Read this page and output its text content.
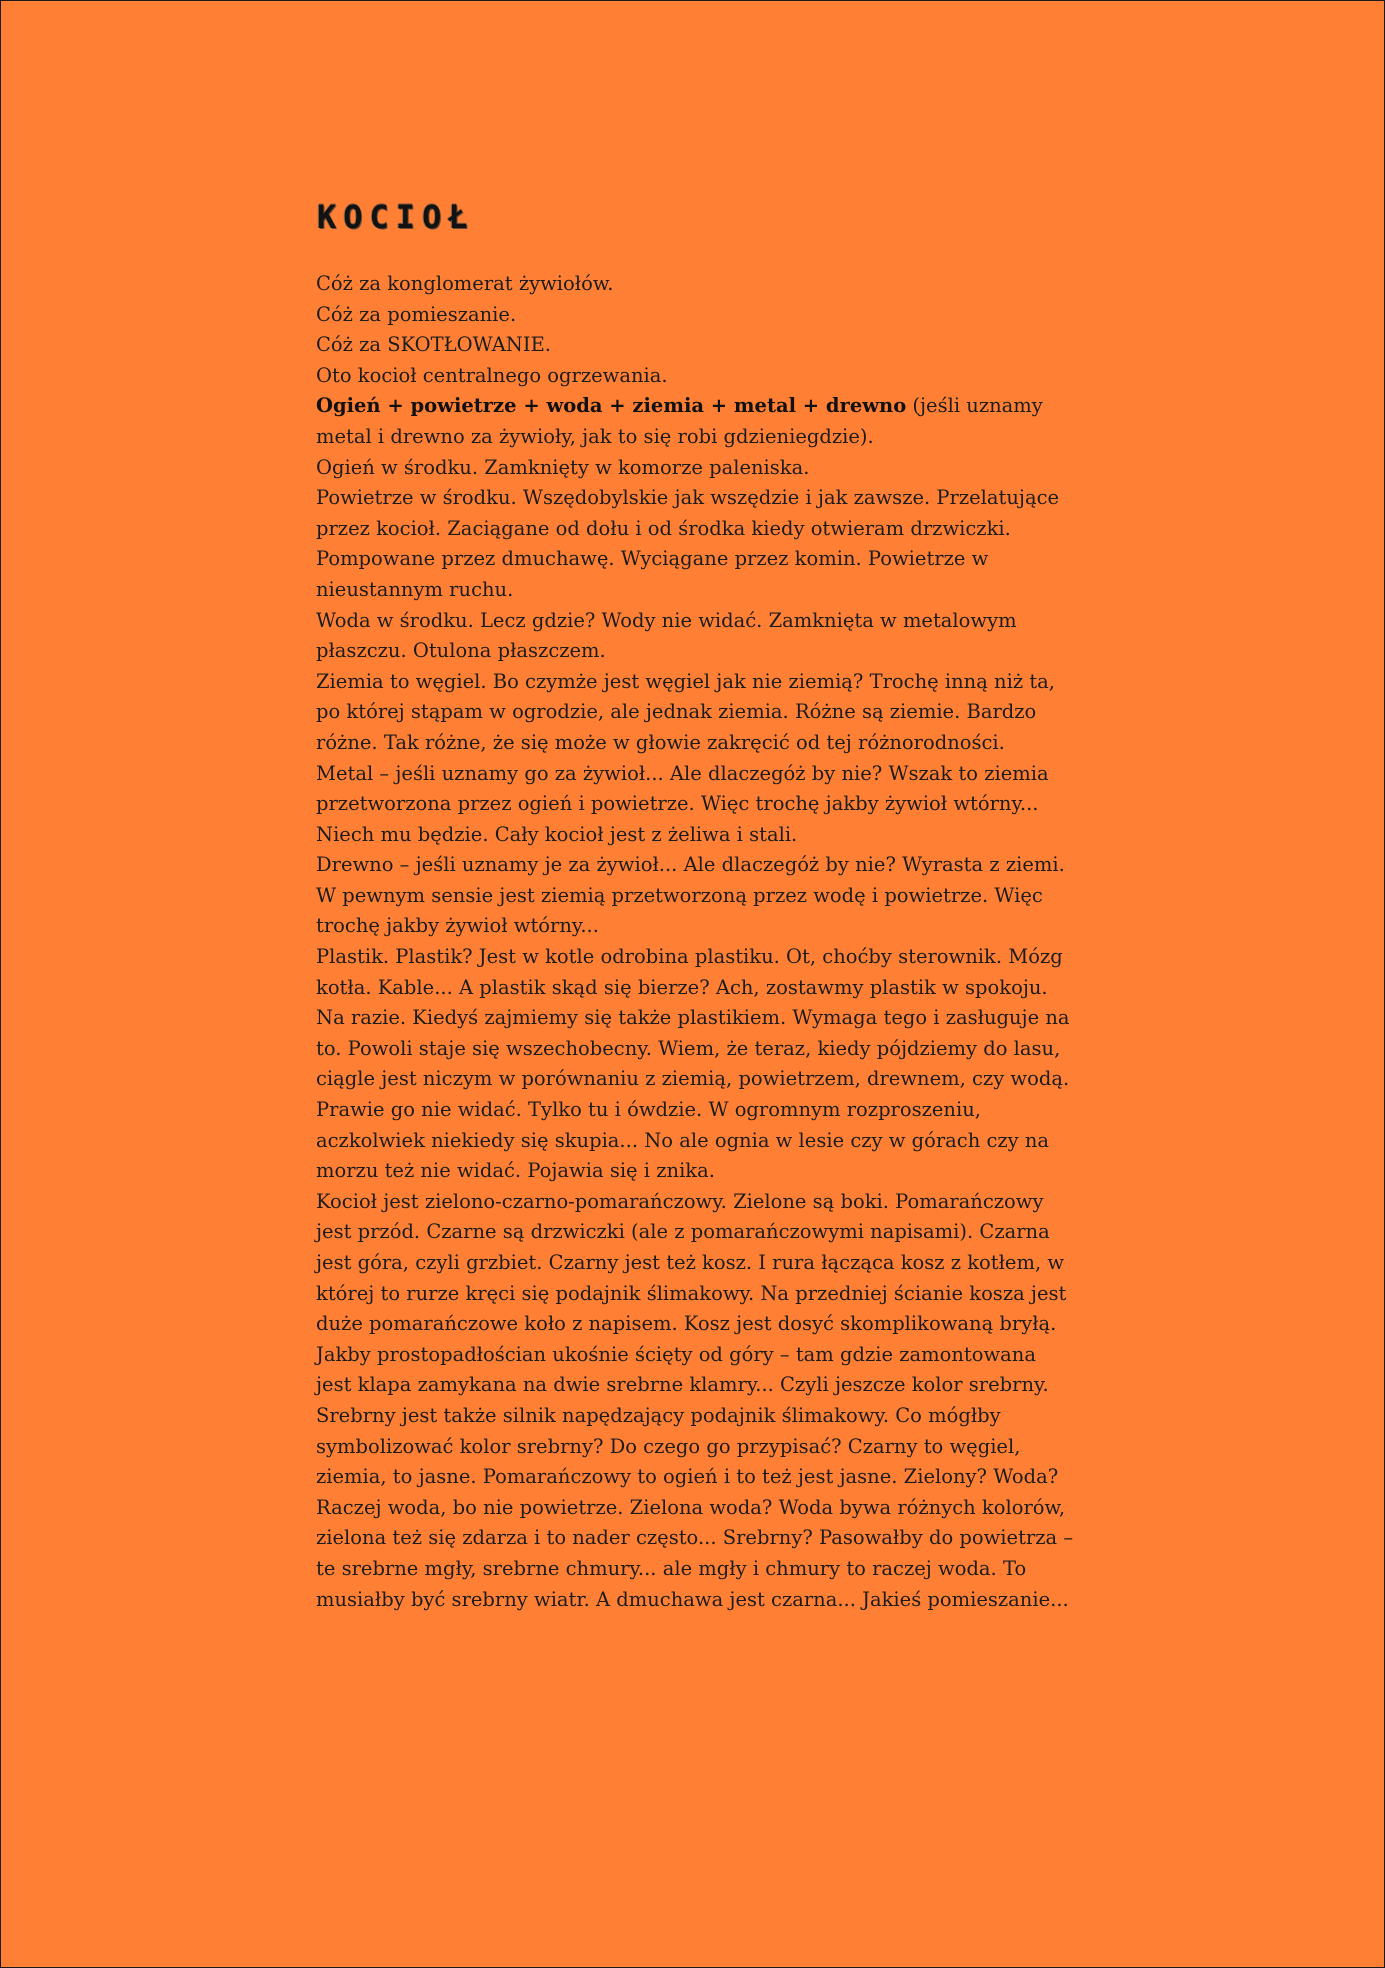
KOCIOŁ

Cóż za konglomerat żywiołów.

Cóż za pomieszanie.

Cóż za SKOTŁOWANIE.

Oto kocioł centralnego ogrzewania.

Ogień + powietrze + woda + ziemia + metal + drewno (jeśli uznamy metal i drewno za żywioły, jak to się robi gdzieniegdzie).

Ogień w środku. Zamknięty w komorze paleniska.

Powietrze w środku. Wszędobylskie jak wszędzie i jak zawsze. Przelatujące przez kocioł. Zaciągane od dołu i od środka kiedy otwieram drzwiczki. Pompowane przez dmuchawę. Wyciągane przez komin. Powietrze w nieustannym ruchu.

Woda w środku. Lecz gdzie? Wody nie widać. Zamknięta w metalowym płaszczu. Otulona płaszczem.

Ziemia to węgiel. Bo czymże jest węgiel jak nie ziemią? Trochę inną niż ta, po której stąpam w ogrodzie, ale jednak ziemia. Różne są ziemie. Bardzo różne. Tak różne, że się może w głowie zakręcić od tej różnorodności.

Metal – jeśli uznamy go za żywioł... Ale dlaczegóż by nie? Wszak to ziemia przetworzona przez ogień i powietrze. Więc trochę jakby żywioł wtórny... Niech mu będzie. Cały kocioł jest z żeliwa i stali.

Drewno – jeśli uznamy je za żywioł... Ale dlaczegóż by nie? Wyrasta z ziemi. W pewnym sensie jest ziemią przetworzoną przez wodę i powietrze. Więc trochę jakby żywioł wtórny...

Plastik. Plastik? Jest w kotle odrobina plastiku. Ot, choćby sterownik. Mózg kotła. Kable... A plastik skąd się bierze? Ach, zostawmy plastik w spokoju. Na razie. Kiedyś zajmiemy się także plastikiem. Wymaga tego i zasługuje na to. Powoli staje się wszechobecny. Wiem, że teraz, kiedy pójdziemy do lasu, ciągle jest niczym w porównaniu z ziemią, powietrzem, drewnem, czy wodą. Prawie go nie widać. Tylko tu i ówdzie. W ogromnym rozproszeniu, aczkolwiek niekiedy się skupia... No ale ognia w lesie czy w górach czy na morzu też nie widać. Pojawia się i znika.

Kocioł jest zielono-czarno-pomarańczowy. Zielone są boki. Pomarańczowy jest przód. Czarne są drzwiczki (ale z pomarańczowymi napisami). Czarna jest góra, czyli grzbiet. Czarny jest też kosz. I rura łącząca kosz z kotłem, w której to rurze kręci się podajnik ślimakowy. Na przedniej ścianie kosza jest duże pomarańczowe koło z napisem. Kosz jest dosyć skomplikowaną bryłą. Jakby prostopadłościan ukośnie ścięty od góry – tam gdzie zamontowana jest klapa zamykana na dwie srebrne klamry... Czyli jeszcze kolor srebrny. Srebrny jest także silnik napędzający podajnik ślimakowy. Co mógłby symbolizować kolor srebrny? Do czego go przypisać? Czarny to węgiel, ziemia, to jasne. Pomarańczowy to ogień i to też jest jasne. Zielony? Woda? Raczej woda, bo nie powietrze. Zielona woda? Woda bywa różnych kolorów, zielona też się zdarza i to nader często... Srebrny? Pasowałby do powietrza – te srebrne mgły, srebrne chmury... ale mgły i chmury to raczej woda. To musiałby być srebrny wiatr. A dmuchawa jest czarna... Jakieś pomieszanie...
